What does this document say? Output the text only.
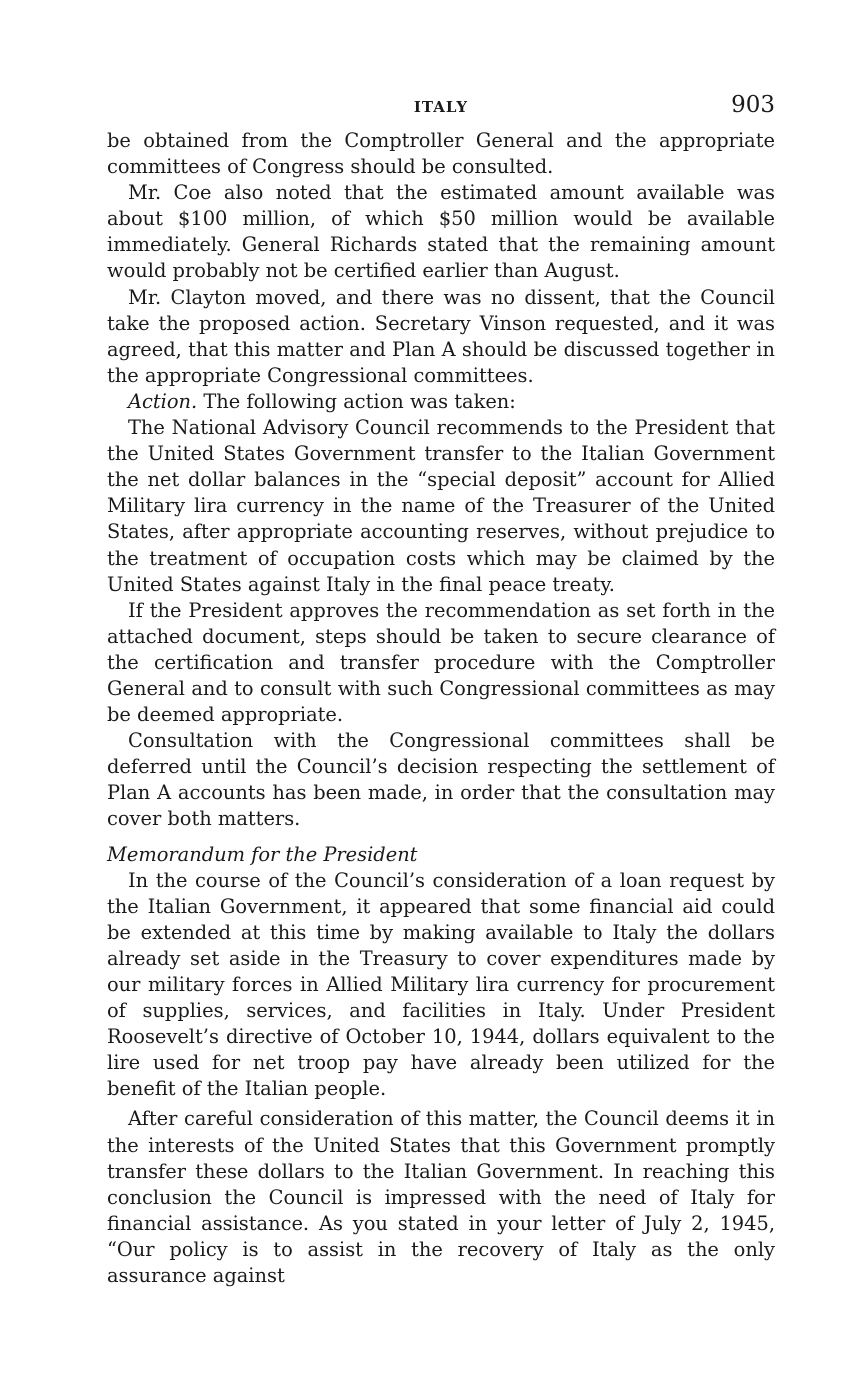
ITALY	903

be obtained from the Comptroller General and the appropriate committees of Congress should be consulted.

Mr. Coe also noted that the estimated amount available was about $100 million, of which $50 million would be available immediately. General Richards stated that the remaining amount would probably not be certified earlier than August.

Mr. Clayton moved, and there was no dissent, that the Council take the proposed action. Secretary Vinson requested, and it was agreed, that this matter and Plan A should be discussed together in the appropriate Congressional committees.

Action. The following action was taken:

The National Advisory Council recommends to the President that the United States Government transfer to the Italian Government the net dollar balances in the “special deposit” account for Allied Military lira currency in the name of the Treasurer of the United States, after appropriate accounting reserves, without prejudice to the treatment of occupation costs which may be claimed by the United States against Italy in the final peace treaty.

If the President approves the recommendation as set forth in the attached document, steps should be taken to secure clearance of the certification and transfer procedure with the Comptroller General and to consult with such Congressional committees as may be deemed appropriate.

Consultation with the Congressional committees shall be deferred until the Council’s decision respecting the settlement of Plan A accounts has been made, in order that the consultation may cover both matters.

Memorandum for the President

In the course of the Council’s consideration of a loan request by the Italian Government, it appeared that some financial aid could be extended at this time by making available to Italy the dollars already set aside in the Treasury to cover expenditures made by our military forces in Allied Military lira currency for procurement of supplies, services, and facilities in Italy. Under President Roosevelt’s directive of October 10, 1944, dollars equivalent to the lire used for net troop pay have already been utilized for the benefit of the Italian people.

After careful consideration of this matter, the Council deems it in the interests of the United States that this Government promptly transfer these dollars to the Italian Government. In reaching this conclusion the Council is impressed with the need of Italy for financial assistance. As you stated in your letter of July 2, 1945, “Our policy is to assist in the recovery of Italy as the only assurance against
